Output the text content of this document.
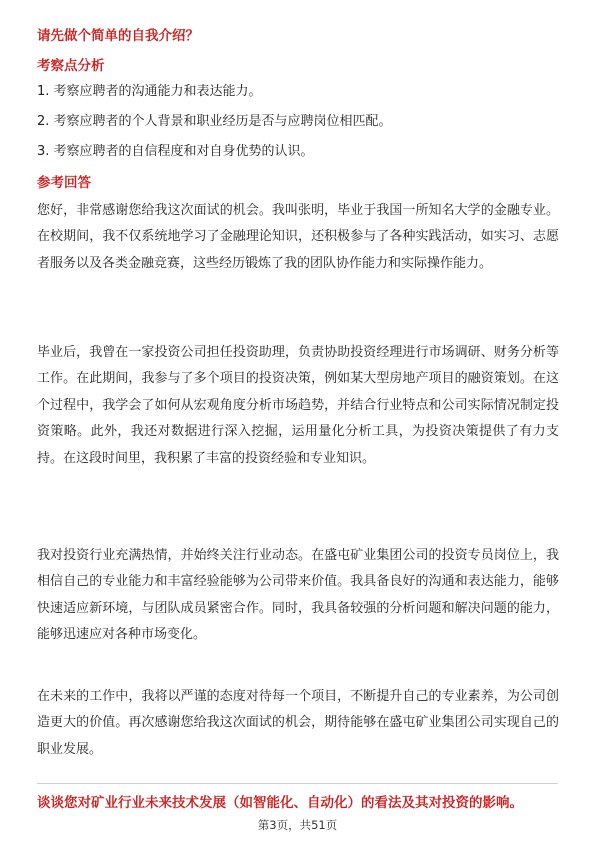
请先做个简单的自我介绍？
考察点分析
1. 考察应聘者的沟通能力和表达能力。
2. 考察应聘者的个人背景和职业经历是否与应聘岗位相匹配。
3. 考察应聘者的自信程度和对自身优势的认识。
参考回答
您好，非常感谢您给我这次面试的机会。我叫张明，毕业于我国一所知名大学的金融专业。在校期间，我不仅系统地学习了金融理论知识，还积极参与了各种实践活动，如实习、志愿者服务以及各类金融竞赛，这些经历锻炼了我的团队协作能力和实际操作能力。
毕业后，我曾在一家投资公司担任投资助理，负责协助投资经理进行市场调研、财务分析等工作。在此期间，我参与了多个项目的投资决策，例如某大型房地产项目的融资策划。在这个过程中，我学会了如何从宏观角度分析市场趋势，并结合行业特点和公司实际情况制定投资策略。此外，我还对数据进行深入挖掘，运用量化分析工具，为投资决策提供了有力支持。在这段时间里，我积累了丰富的投资经验和专业知识。
我对投资行业充满热情，并始终关注行业动态。在盛屯矿业集团公司的投资专员岗位上，我相信自己的专业能力和丰富经验能够为公司带来价值。我具备良好的沟通和表达能力，能够快速适应新环境，与团队成员紧密合作。同时，我具备较强的分析问题和解决问题的能力，能够迅速应对各种市场变化。
在未来的工作中，我将以严谨的态度对待每一个项目，不断提升自己的专业素养，为公司创造更大的价值。再次感谢您给我这次面试的机会，期待能够在盛屯矿业集团公司实现自己的职业发展。
谈谈您对矿业行业未来技术发展（如智能化、自动化）的看法及其对投资的影响。
第3页，共51页
